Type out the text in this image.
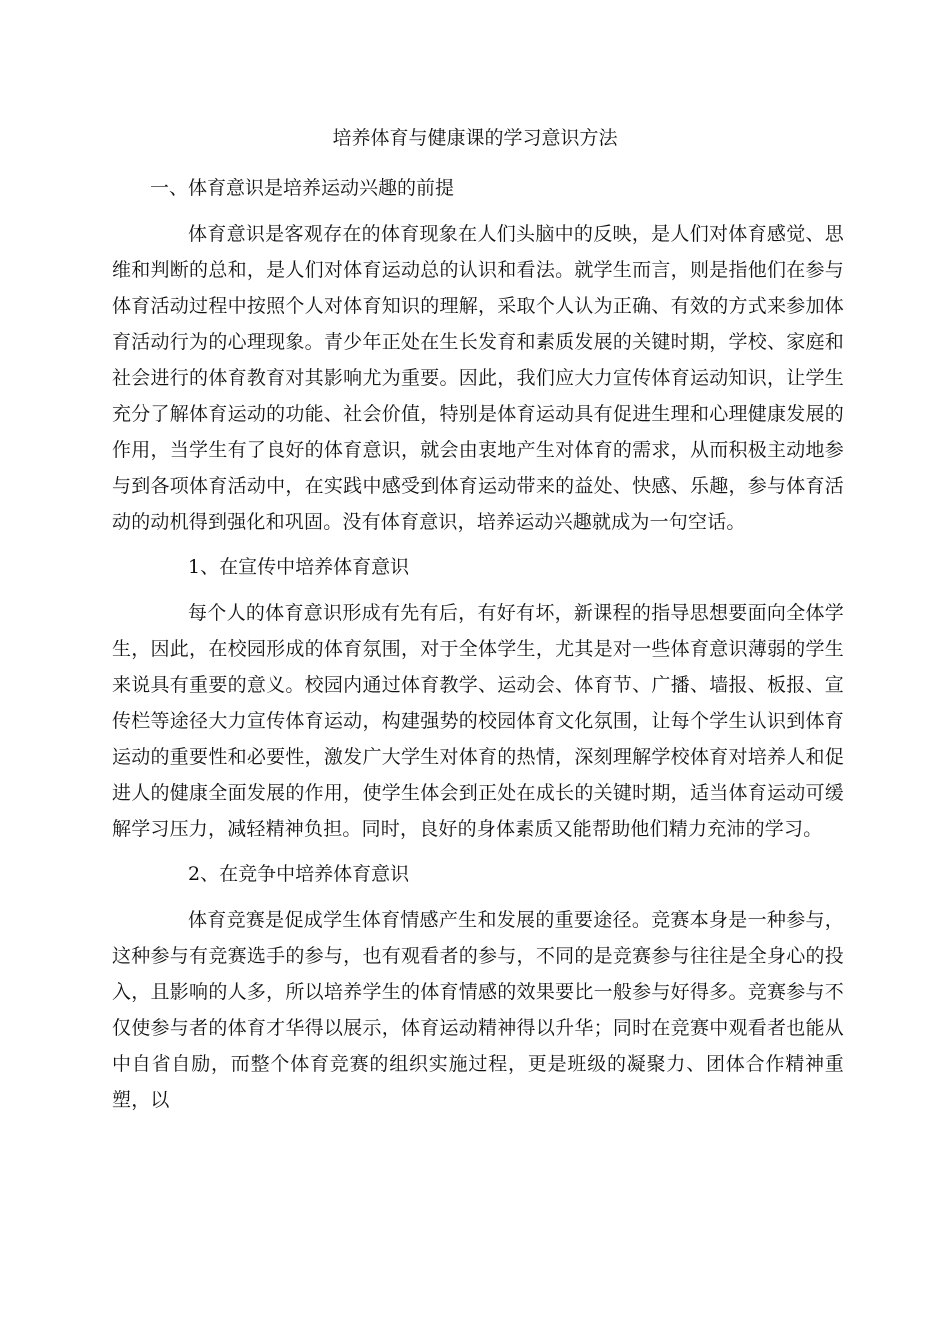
培养体育与健康课的学习意识方法
一、体育意识是培养运动兴趣的前提

体育意识是客观存在的体育现象在人们头脑中的反映，是人们对体育感觉、思维和判断的总和，是人们对体育运动总的认识和看法。就学生而言，则是指他们在参与体育活动过程中按照个人对体育知识的理解，采取个人认为正确、有效的方式来参加体育活动行为的心理现象。青少年正处在生长发育和素质发展的关键时期，学校、家庭和社会进行的体育教育对其影响尤为重要。因此，我们应大力宣传体育运动知识，让学生充分了解体育运动的功能、社会价值，特别是体育运动具有促进生理和心理健康发展的作用，当学生有了良好的体育意识，就会由衷地产生对体育的需求，从而积极主动地参与到各项体育活动中，在实践中感受到体育运动带来的益处、快感、乐趣，参与体育活动的动机得到强化和巩固。没有体育意识，培养运动兴趣就成为一句空话。

1、在宣传中培养体育意识

每个人的体育意识形成有先有后，有好有坏，新课程的指导思想要面向全体学生，因此，在校园形成的体育氛围，对于全体学生，尤其是对一些体育意识薄弱的学生来说具有重要的意义。校园内通过体育教学、运动会、体育节、广播、墙报、板报、宣传栏等途径大力宣传体育运动，构建强势的校园体育文化氛围，让每个学生认识到体育运动的重要性和必要性，激发广大学生对体育的热情，深刻理解学校体育对培养人和促进人的健康全面发展的作用，使学生体会到正处在成长的关键时期，适当体育运动可缓解学习压力，减轻精神负担。同时，良好的身体素质又能帮助他们精力充沛的学习。

2、在竞争中培养体育意识

体育竞赛是促成学生体育情感产生和发展的重要途径。竞赛本身是一种参与，这种参与有竞赛选手的参与，也有观看者的参与，不同的是竞赛参与往往是全身心的投入，且影响的人多，所以培养学生的体育情感的效果要比一般参与好得多。竞赛参与不仅使参与者的体育才华得以展示，体育运动精神得以升华；同时在竞赛中观看者也能从中自省自励，而整个体育竞赛的组织实施过程，更是班级的凝聚力、团体合作精神重塑，以
